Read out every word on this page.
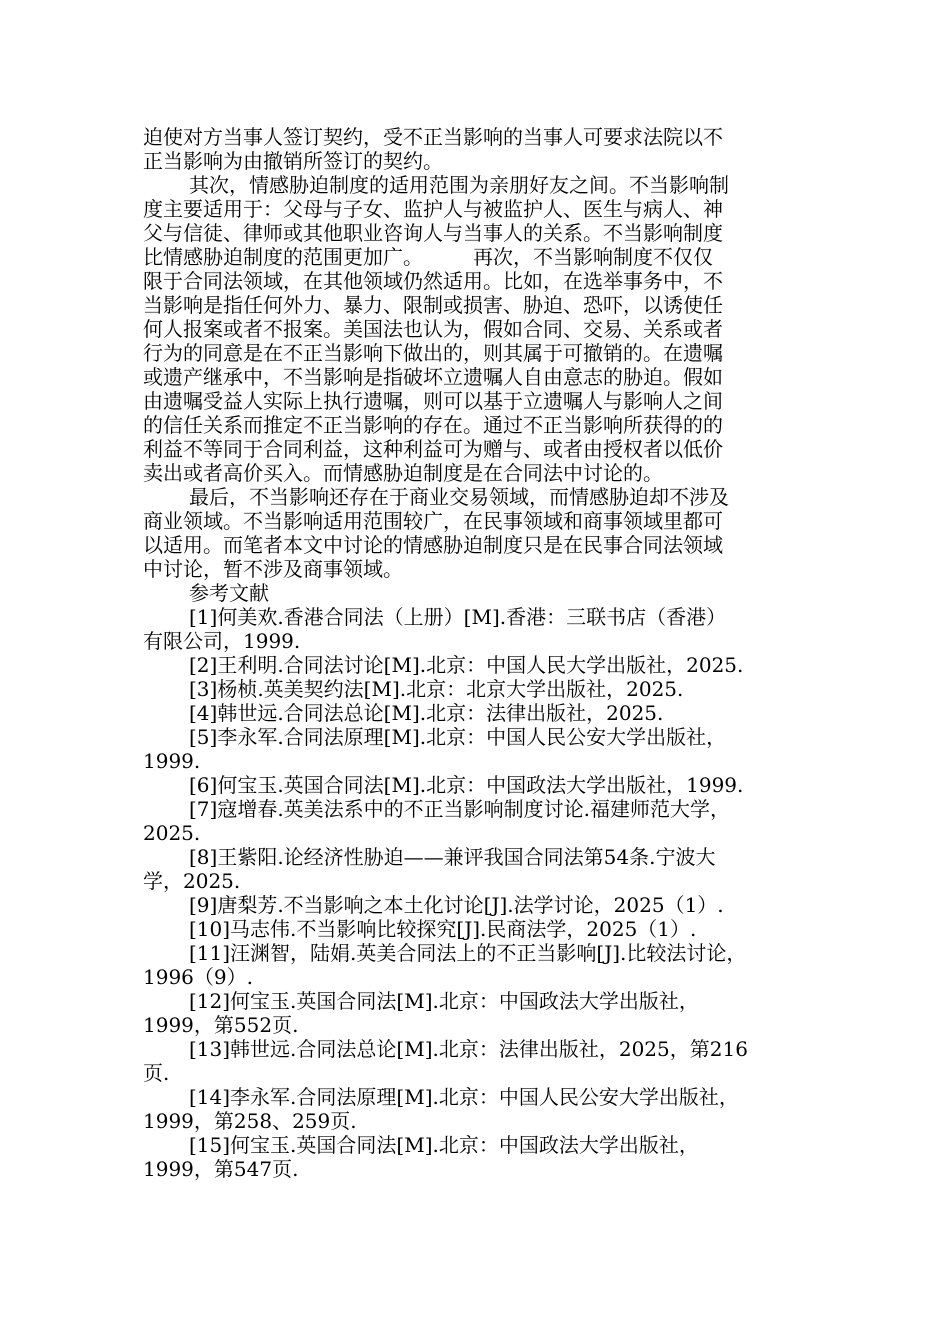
迫使对方当事人签订契约，受不正当影响的当事人可要求法院以不
正当影响为由撤销所签订的契约。
其次，情感胁迫制度的适用范围为亲朋好友之间。不当影响制
度主要适用于：父母与子女、监护人与被监护人、医生与病人、神
父与信徒、律师或其他职业咨询人与当事人的关系。不当影响制度
比情感胁迫制度的范围更加广。　　　再次，不当影响制度不仅仅
限于合同法领域，在其他领域仍然适用。比如，在选举事务中，不
当影响是指任何外力、暴力、限制或损害、胁迫、恐吓，以诱使任
何人报案或者不报案。美国法也认为，假如合同、交易、关系或者
行为的同意是在不正当影响下做出的，则其属于可撤销的。在遗嘱
或遗产继承中，不当影响是指破坏立遗嘱人自由意志的胁迫。假如
由遗嘱受益人实际上执行遗嘱，则可以基于立遗嘱人与影响人之间
的信任关系而推定不正当影响的存在。通过不正当影响所获得的的
利益不等同于合同利益，这种利益可为赠与、或者由授权者以低价
卖出或者高价买入。而情感胁迫制度是在合同法中讨论的。
最后，不当影响还存在于商业交易领域，而情感胁迫却不涉及
商业领域。不当影响适用范围较广，在民事领域和商事领域里都可
以适用。而笔者本文中讨论的情感胁迫制度只是在民事合同法领域
中讨论，暂不涉及商事领域。
参考文献
[1]何美欢.香港合同法（上册）[M].香港：三联书店（香港）
有限公司，1999.
[2]王利明.合同法讨论[M].北京：中国人民大学出版社，2025.
[3]杨桢.英美契约法[M].北京：北京大学出版社，2025.
[4]韩世远.合同法总论[M].北京：法律出版社，2025.
[5]李永军.合同法原理[M].北京：中国人民公安大学出版社，
1999.
[6]何宝玉.英国合同法[M].北京：中国政法大学出版社，1999.
[7]寇增春.英美法系中的不正当影响制度讨论.福建师范大学，
2025.
[8]王紫阳.论经济性胁迫——兼评我国合同法第54条.宁波大
学，2025.
[9]唐梨芳.不当影响之本土化讨论[J].法学讨论，2025（1）.
[10]马志伟.不当影响比较探究[J].民商法学，2025（1）.
[11]汪渊智，陆娟.英美合同法上的不正当影响[J].比较法讨论，
1996（9）.
[12]何宝玉.英国合同法[M].北京：中国政法大学出版社，
1999，第552页.
[13]韩世远.合同法总论[M].北京：法律出版社，2025，第216
页.
[14]李永军.合同法原理[M].北京：中国人民公安大学出版社，
1999，第258、259页.
[15]何宝玉.英国合同法[M].北京：中国政法大学出版社，
1999，第547页.
